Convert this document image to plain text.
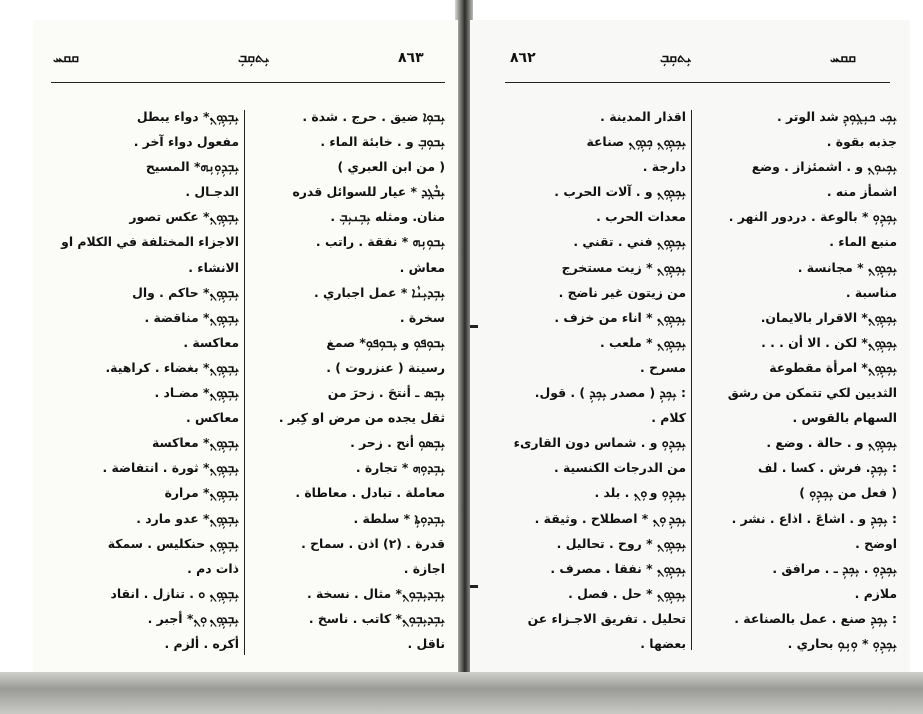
ܩܩܚ	ܝܼܬܩܼܒܼ	٨٦٣
ܝܼܒܘܼܐ ضيق . حرج . شدة .
ܝܼܒܘܼܒܼ و . خابئة الماء .
( من ابن العبري )
ܝܼܒܵܓܼܕ * عيار للسوائل قدره
منان. ومثله ܝܼܒܼܢܝܼܒܼ .
ܝܼܒܘܼܢܼܗ * نفقة . راتب .
معاش .
ܝܼܒܼܕܝܼܢܵܐ * عمل اجباري .
سخرة .
ܝܼܒܘܼܦܘܼ و ܝܼܒܘܼܦܘܼ* صمغ
رسينة ( عنزروت ) .
ܝܼܒܼܣ ـ أنتحَ . زحرَ من
ثقل يجده من مرض او كِبر .
ܝܼܒܼܣܘܼ أنح . زحر .
ܝܼܒܼܕܘܼܗ * تجارة .
معاملة . تبادل . معاطاة .
ܝܼܒܼܕܘܼܬܼܐ * سلطة .
قدرة . (٢) اذن . سماح .
اجازة .
ܝܼܒܼܕܝܼܒܼܘܼܢܼ* مثال . نسخة .
ܝܼܒܼܕܝܼܒܼܘܼܢܼ* كاتب . ناسخ .
ناقل .
ܝܼܒܼܕܼܘܼܢܼ* دواء يبطل
مفعول دواء آخر .
ܝܼܒܼܕܼܘܼܢܼܗ* المسيح
الدجـال .
ܝܼܒܼܕܼܘܼܢܼ* عكس تصور
الاجزاء المختلفة في الكلام او
الانشاء .
ܝܼܒܼܕܼܘܼܢܼ* حاكم . وال
ܝܼܒܼܕܼܘܼܢܼ* مناقضة .
معاكسة .
ܝܼܒܼܕܼܘܼܢܼ* بغضاء . كراهية.
ܝܼܒܼܕܼܘܼܢܼ* مضـاد .
معاكس .
ܝܼܒܼܕܼܘܼܢܼ* معاكسة
ܝܼܒܼܕܼܘܼܢܼ* ثورة . انتفاضة .
ܝܼܒܼܕܼܘܼܢܼ* مرارة
ܝܼܒܼܕܼܘܼܢܼ* عدو مارد .
ܝܼܒܼܕܼܘܼܢܼ حنكليس . سمكة
ذات دم .
ܝܼܒܼܕܼܘܼܢܼ ܘ . تنازل . انقاد
ܝܼܒܼܕܼܘܼܢܼ ܘܼܢܼ* أجبر .
أكره . ألزم .
٨٦٢	ܝܼܬܩܼܒܼ	ܩܩܚ
ܝܼܟܼܝ ܟܢܼܓܼܘܼܕܼ شد الوتر .
جذبه بقوة .
ܝܼܟܼܝܘܼܢܼ و . اشمئزاز . وضع
اشمأز منه .
ܝܼܟܼܕܼܘܼ * بالوعة . دردور النهر .
منبع الماء .
ܝܼܟܼܕܼܘܼܢܼ * مجانسة .
مناسبة .
ܝܼܟܼܕܼܘܼܢܼ* الاقرار بالايمان.
ܝܼܟܼܕܼܘܼܢܼ* لكن . الا أن . . .
ܝܼܟܼܕܼܘܼܢܼ* امرأة مقطوعة
الثديين لكي تتمكن من رشق
السهام بالقوس .
ܝܼܟܼܕܼܘܼܢܼ و . حالة . وضع .
: ܝܼܟܼܕܼ. فرش . كسا . لف
( فعل من ܝܼܟܼܕܼܘܼ )
: ܝܼܟܼܕܼ و . اشاعَ . اذاع . نشر .
اوضح .
ܝܼܟܼܕܼܘܼ . ܝܼܟܼܕܼ ـ . مرافق .
ملازم .
: ܝܼܟܼܕܼ صنع . عمل بالصناعة .
ܝܼܟܼܕܼܘܼ * ܘܼܢܼܘܼ بحاري .
اقذار المدينة .
ܝܼܟܼܕܼܘܼܢܼ ܟܼܕܼܘܼܢܼ صناعة
دارجة .
ܝܼܟܼܕܼܘܼܢܼ و . آلات الحرب .
معدات الحرب .
ܝܼܟܼܕܼܘܼܢܼ فني . تقني .
ܝܼܟܼܕܼܘܼܢܼ * زيت مستخرج
من زيتون غير ناضج .
ܝܼܟܼܕܼܘܼܢܼ * اناء من خزف .
ܝܼܟܼܕܼܘܼܢܼ * ملعب .
مسرح .
: ܝܼܟܼܕܼ ( مصدر ܝܼܟܼܕܼ ) . قول.
كلام .
ܝܼܟܼܕܼܘܼ و . شماس دون القارىء
من الدرجات الكنسية .
ܝܼܟܼܕܼܘܼ و ܘܼܢܼ . بلد .
ܝܼܟܼܕܼ ܘܼܢܼ * اصطلاح . وثيقة .
ܝܼܟܼܕܼܘܼܢܼ * روح . تحاليل .
ܝܼܟܼܕܼܘܼܢܼ * نفقا . مصرف .
ܝܼܟܼܕܼܘܼܢܼ * حل . فصل .
تحليل . تفريق الاجـزاء عن
بعضها .
